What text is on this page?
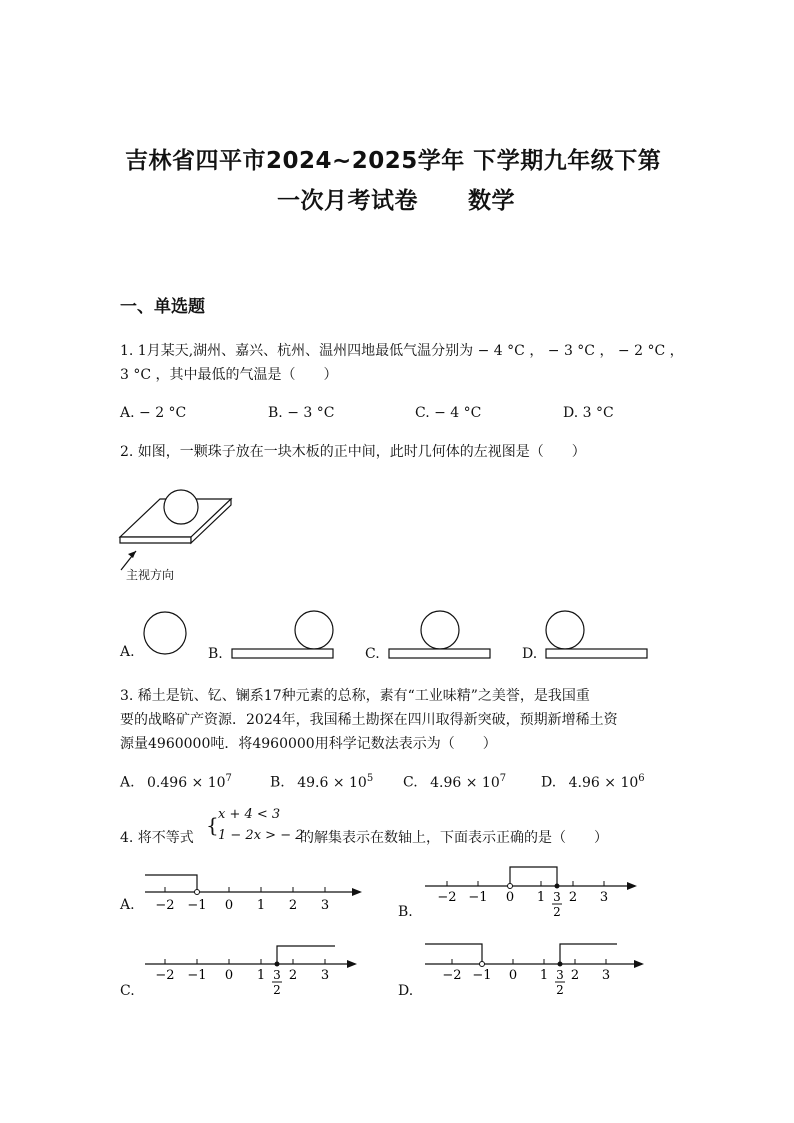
吉林省四平市2024~2025学年 下学期九年级下第
一次月考试卷 数学
一、单选题
1. 1月某天,湖州、嘉兴、杭州、温州四地最低气温分别为 − 4 °C ， − 3 °C ， − 2 °C ，
3 °C ，其中最低的气温是（　　）
A. − 2 °C	B. − 3 °C	C. − 4 °C	D. 3 °C
2. 如图，一颗珠子放在一块木板的正中间，此时几何体的左视图是（　　）
主视方向
A.	B.	C.	D.
3. 稀土是钪、钇、镧系17种元素的总称，素有“工业味精”之美誉，是我国重
要的战略矿产资源．2024年，我国稀土勘探在四川取得新突破，预期新增稀土资
源量4960000吨．将4960000用科学记数法表示为（　　）
A. $0.496 \times 10^7$	B. $49.6 \times 10^5$ C. $4.96 \times 10^7$ D. $4.96 \times 10^6$
4. 将不等式
{ x + 4 < 3
1 − 2x > − 2
的解集表示在数轴上，下面表示正确的是（　　）
A.	B.
C.	D.
−2 −1 0 1 2 3
−2 −1 0 1 3
2
2 3
−2 −1 0 1 3
2
2 3	−2 −1 0 1 3
2
2 3
